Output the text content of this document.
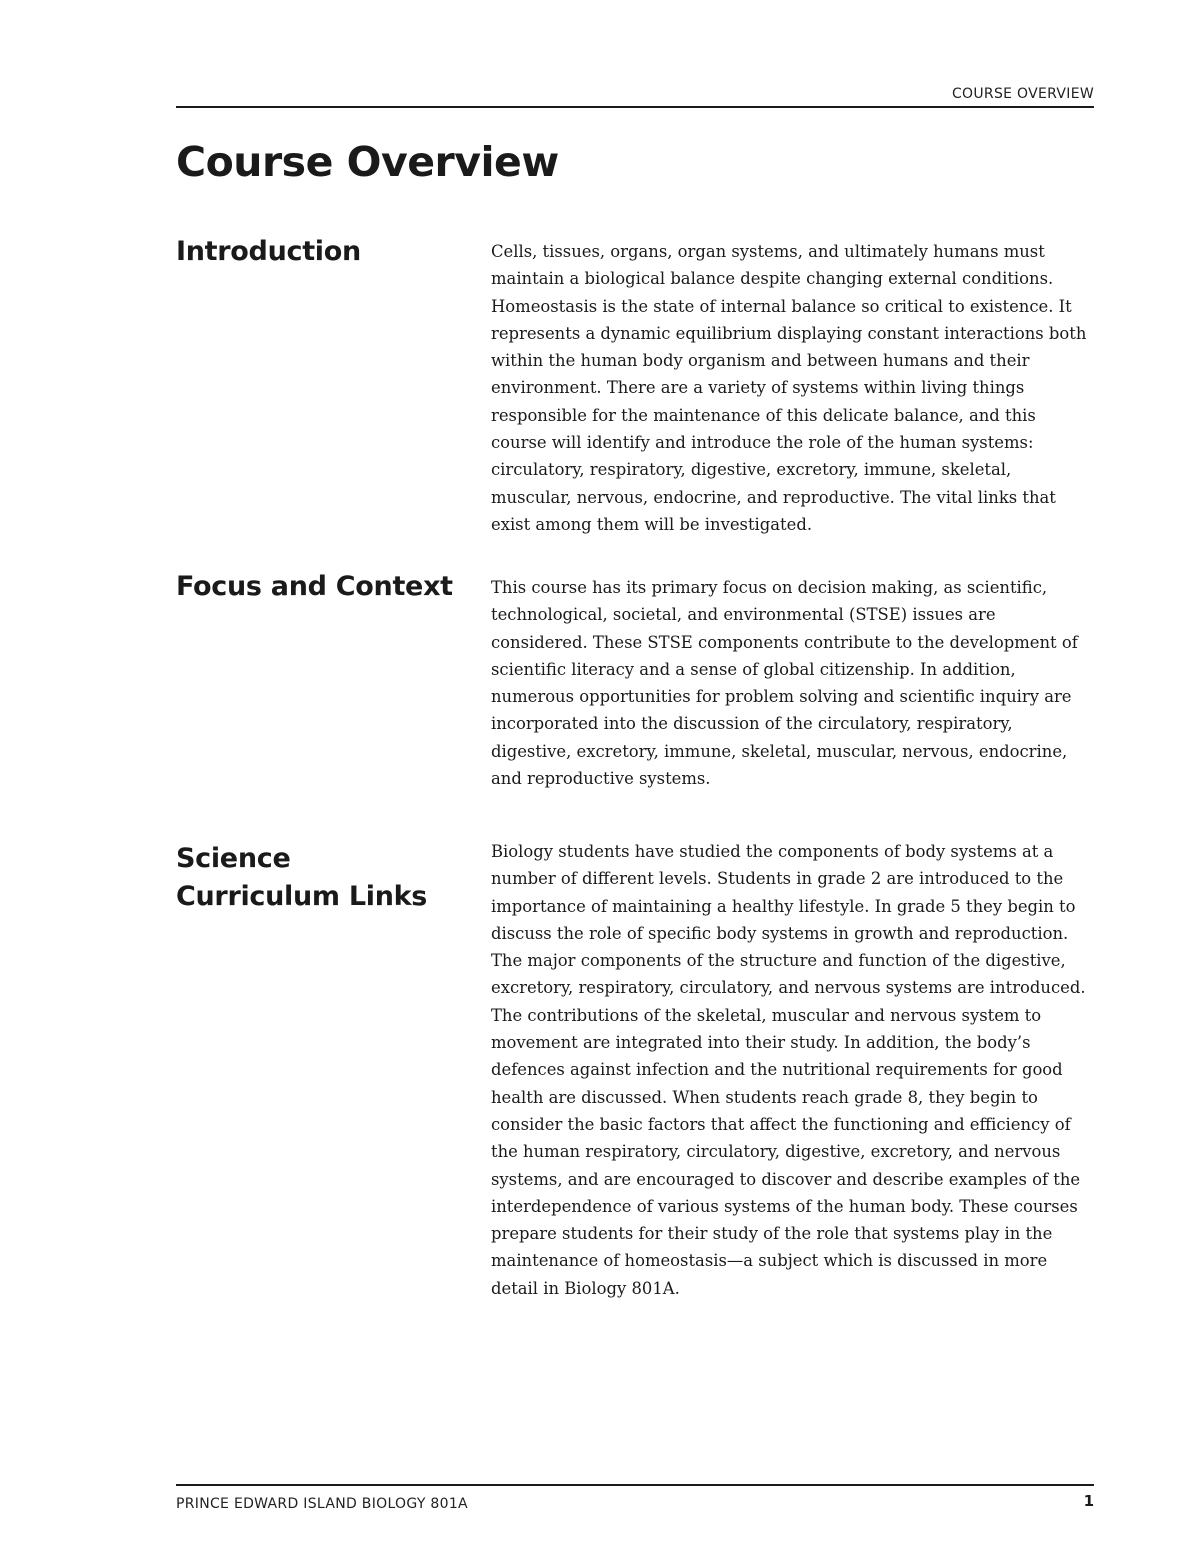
COURSE OVERVIEW
Course Overview
Introduction	Cells, tissues, organs, organ systems, and ultimately humans must maintain a biological balance despite changing external conditions. Homeostasis is the state of internal balance so critical to existence. It represents a dynamic equilibrium displaying constant interactions both within the human body organism and between humans and their environment. There are a variety of systems within living things responsible for the maintenance of this delicate balance, and this course will identify and introduce the role of the human systems: circulatory, respiratory, digestive, excretory, immune, skeletal, muscular, nervous, endocrine, and reproductive. The vital links that exist among them will be investigated.

Focus and Context	This course has its primary focus on decision making, as scientific, technological, societal, and environmental (STSE) issues are considered. These STSE components contribute to the development of scientific literacy and a sense of global citizenship. In addition, numerous opportunities for problem solving and scientific inquiry are incorporated into the discussion of the circulatory, respiratory, digestive, excretory, immune, skeletal, muscular, nervous, endocrine, and reproductive systems.

Science
Curriculum Links

Biology students have studied the components of body systems at a number of different levels. Students in grade 2 are introduced to the importance of maintaining a healthy lifestyle. In grade 5 they begin to discuss the role of specific body systems in growth and reproduction. The major components of the structure and function of the digestive, excretory, respiratory, circulatory, and nervous systems are introduced. The contributions of the skeletal, muscular and nervous system to movement are integrated into their study. In addition, the body’s defences against infection and the nutritional requirements for good health are discussed. When students reach grade 8, they begin to consider the basic factors that affect the functioning and efficiency of the human respiratory, circulatory, digestive, excretory, and nervous systems, and are encouraged to discover and describe examples of the interdependence of various systems of the human body. These courses prepare students for their study of the role that systems play in the maintenance of homeostasis—a subject which is discussed in more detail in Biology 801A.

PRINCE EDWARD ISLAND BIOLOGY 801A	1
